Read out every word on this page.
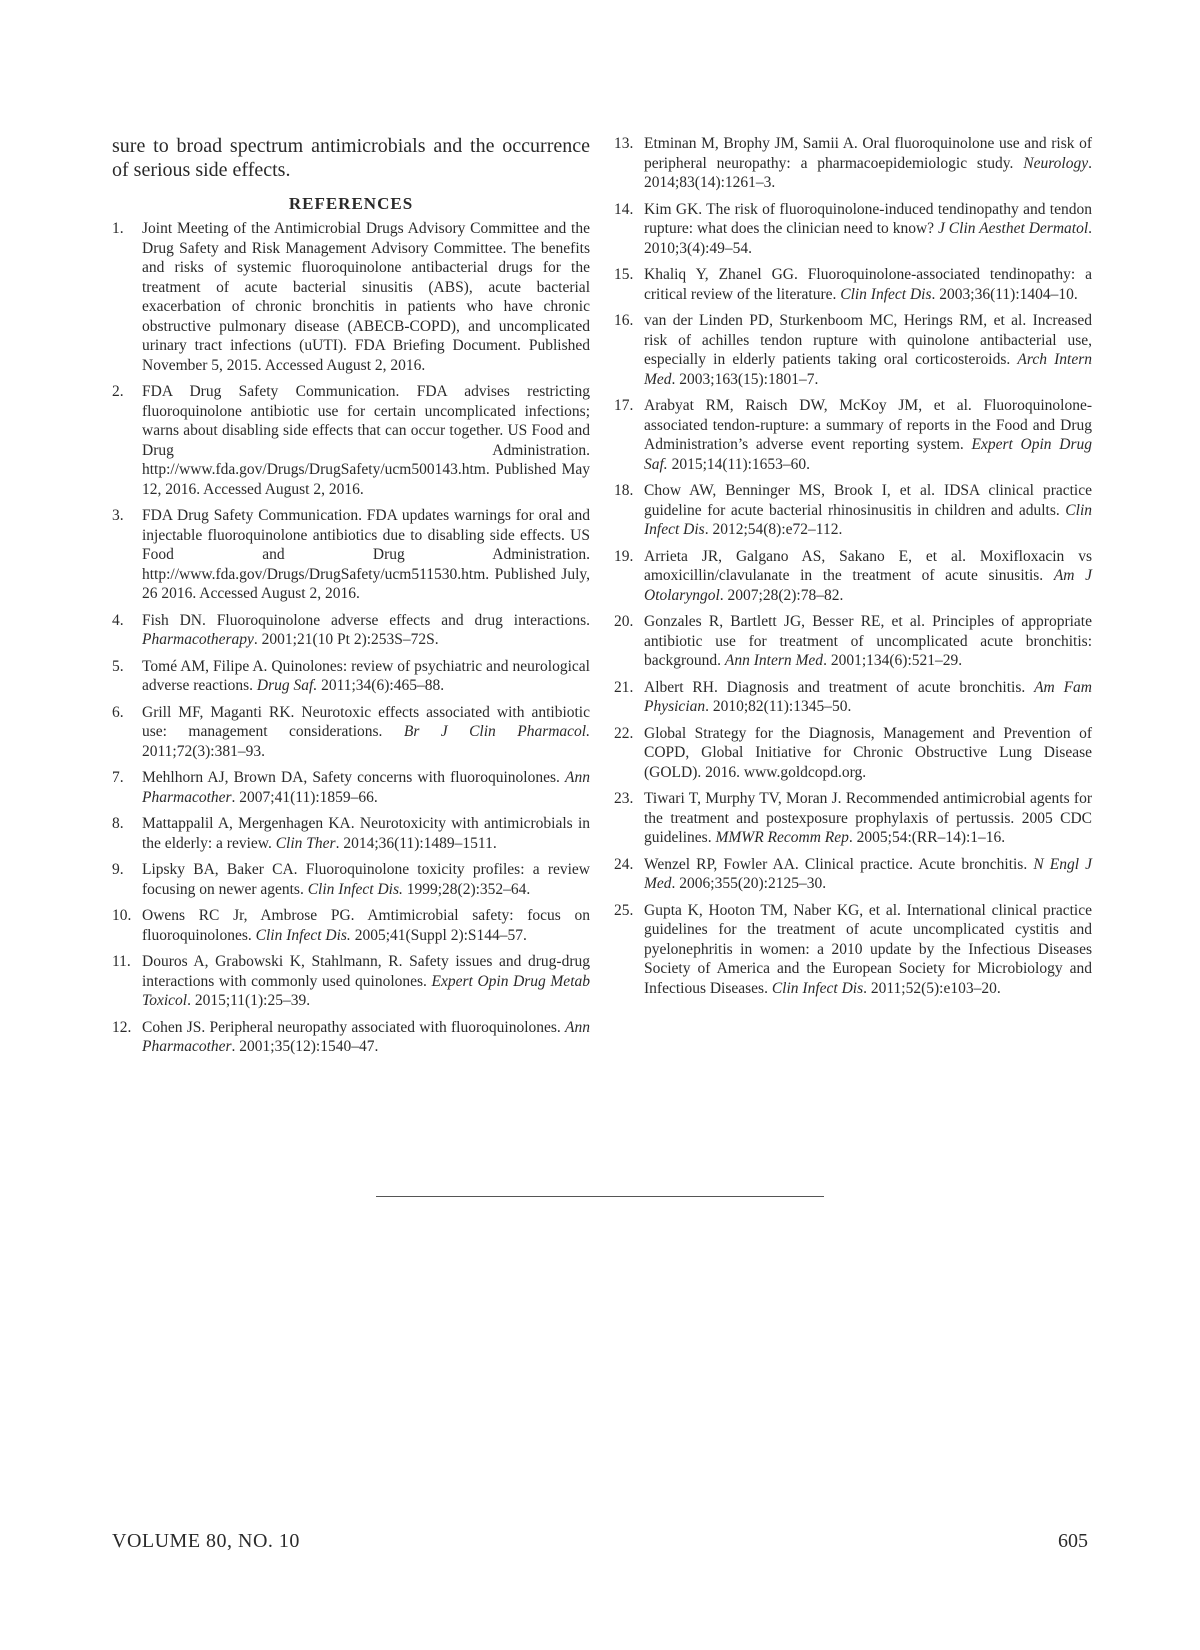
sure to broad spectrum antimicrobials and the occurrence of serious side effects.

REFERENCES
1.	Joint Meeting of the Antimicrobial Drugs Advisory Committee and the Drug Safety and Risk Management Advisory Committee. The benefits and risks of systemic fluoroquinolone antibacterial drugs for the treatment of acute bacterial sinusitis (ABS), acute bacterial exacerbation of chronic bronchitis in patients who have chronic obstructive pulmonary disease (ABECB-COPD), and uncomplicated urinary tract infections (uUTI). FDA Briefing Document. Published November 5, 2015. Accessed August 2, 2016.
2.	FDA Drug Safety Communication. FDA advises restricting fluoroquinolone antibiotic use for certain uncomplicated infections; warns about disabling side effects that can occur together. US Food and Drug Administration. http://www.fda.gov/Drugs/DrugSafety/ucm500143.htm. Published May 12, 2016. Accessed August 2, 2016.
3.	FDA Drug Safety Communication. FDA updates warnings for oral and injectable fluoroquinolone antibiotics due to disabling side effects. US Food and Drug Administration. http://www.fda.gov/Drugs/DrugSafety/ucm511530.htm. Published July, 26 2016. Accessed August 2, 2016.
4.	Fish DN. Fluoroquinolone adverse effects and drug interactions. Pharmacotherapy. 2001;21(10 Pt 2):253S–72S.
5.	Tomé AM, Filipe A. Quinolones: review of psychiatric and neurological adverse reactions. Drug Saf. 2011;34(6):465–88.
6.	Grill MF, Maganti RK. Neurotoxic effects associated with antibiotic use: management considerations. Br J Clin Pharmacol. 2011;72(3):381–93.
7.	Mehlhorn AJ, Brown DA, Safety concerns with fluoroquinolones. Ann Pharmacother. 2007;41(11):1859–66.
8.	Mattappalil A, Mergenhagen KA. Neurotoxicity with antimicrobials in the elderly: a review. Clin Ther. 2014;36(11):1489–1511.
9.	Lipsky BA, Baker CA. Fluoroquinolone toxicity profiles: a review focusing on newer agents. Clin Infect Dis. 1999;28(2):352–64.
10. Owens RC Jr, Ambrose PG. Amtimicrobial safety: focus on fluoroquinolones. Clin Infect Dis. 2005;41(Suppl 2):S144–57.
11. Douros A, Grabowski K, Stahlmann, R. Safety issues and drug-drug interactions with commonly used quinolones. Expert Opin Drug Metab Toxicol. 2015;11(1):25–39.
12. Cohen JS. Peripheral neuropathy associated with fluoroquinolones. Ann Pharmacother. 2001;35(12):1540–47.
13. Etminan M, Brophy JM, Samii A. Oral fluoroquinolone use and risk of peripheral neuropathy: a pharmacoepidemiologic study. Neurology. 2014;83(14):1261–3.
14. Kim GK. The risk of fluoroquinolone-induced tendinopathy and tendon rupture: what does the clinician need to know? J Clin Aesthet Dermatol. 2010;3(4):49–54.
15. Khaliq Y, Zhanel GG. Fluoroquinolone-associated tendinopathy: a critical review of the literature. Clin Infect Dis. 2003;36(11):1404–10.
16. van der Linden PD, Sturkenboom MC, Herings RM, et al. Increased risk of achilles tendon rupture with quinolone antibacterial use, especially in elderly patients taking oral corticosteroids. Arch Intern Med. 2003;163(15):1801–7.
17. Arabyat RM, Raisch DW, McKoy JM, et al. Fluoroquinolone-associated tendon-rupture: a summary of reports in the Food and Drug Administration’s adverse event reporting system. Expert Opin Drug Saf. 2015;14(11):1653–60.
18. Chow AW, Benninger MS, Brook I, et al. IDSA clinical practice guideline for acute bacterial rhinosinusitis in children and adults. Clin Infect Dis. 2012;54(8):e72–112.
19. Arrieta JR, Galgano AS, Sakano E, et al. Moxifloxacin vs amoxicillin/clavulanate in the treatment of acute sinusitis. Am J Otolaryngol. 2007;28(2):78–82.
20. Gonzales R, Bartlett JG, Besser RE, et al. Principles of appropriate antibiotic use for treatment of uncomplicated acute bronchitis: background. Ann Intern Med. 2001;134(6):521–29.
21. Albert RH. Diagnosis and treatment of acute bronchitis. Am Fam Physician. 2010;82(11):1345–50.
22. Global Strategy for the Diagnosis, Management and Prevention of COPD, Global Initiative for Chronic Obstructive Lung Disease (GOLD). 2016. www.goldcopd.org.
23. Tiwari T, Murphy TV, Moran J. Recommended antimicrobial agents for the treatment and postexposure prophylaxis of pertussis. 2005 CDC guidelines. MMWR Recomm Rep. 2005;54:(RR–14):1–16.
24. Wenzel RP, Fowler AA. Clinical practice. Acute bronchitis. N Engl J Med. 2006;355(20):2125–30.
25. Gupta K, Hooton TM, Naber KG, et al. International clinical practice guidelines for the treatment of acute uncomplicated cystitis and pyelonephritis in women: a 2010 update by the Infectious Diseases Society of America and the European Society for Microbiology and Infectious Diseases. Clin Infect Dis. 2011;52(5):e103–20.
VOLUME 80, NO. 10	605
